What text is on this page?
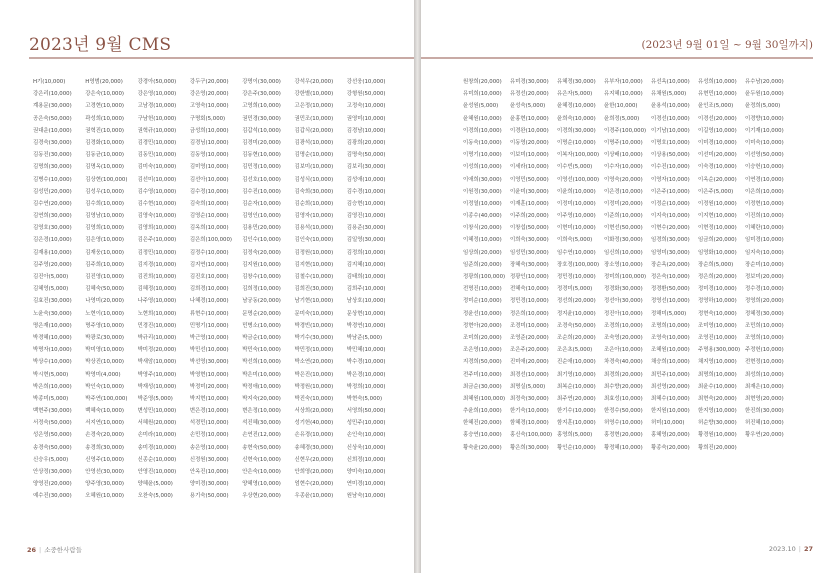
2023년 9월 CMS
H기(10,000)	H영범(20,000)	강경아(50,000)	강두구(20,000)	강명이(30,000)	강석우(20,000)	강선웅(10,000)
강은리(10,000)	강은숙(10,000)	강은영(10,000)	강은영(20,000)	강은주(30,000)	강한별(10,000)	강형원(50,000)
계용문(30,000)	고경현(10,000)	고남경(10,000)	고영숙(10,000)	고영희(10,000)	고은정(10,000)	고정숙(10,000)
공은숙(50,000)	곽성희(10,000)	구남헌(10,000)	구명회(5,000)	권민경(30,000)	권민조(10,000)	권영미(10,000)
권대운(10,000)	권혁진(10,000)	권혁규(10,000)	금성희(10,000)	김갑석(10,000)	김갑식(20,000)	김경남(10,000)
김경숙(30,000)	김경화(10,000)	김경민(10,000)	김경님(10,000)	김경미(20,000)	김광석(10,000)	김광희(20,000)
김동진(30,000)	김동균(10,000)	김동민(10,000)	김동영(10,000)	김동현(10,000)	김명순(10,000)	김명숙(50,000)
김명희(30,000)	김명옥(10,000)	김미숙(10,000)	김미영(10,000)	김민정(10,000)	김보미(10,000)	김보리(30,000)
김병수(10,000)	김상현(100,000)	김선미(10,000)	김선아(10,000)	김선호(10,000)	김성식(10,000)	김성애(10,000)
김성민(20,000)	김성우(10,000)	김수영(10,000)	김수정(10,000)	김수진(10,000)	김숙희(30,000)	김수경(10,000)
김수연(20,000)	김수희(10,000)	김수현(10,000)	김숙희(10,000)	김순자(10,000)	김순희(10,000)	김승현(10,000)
김연희(30,000)	김영남(10,000)	김영숙(10,000)	김영순(10,000)	김영인(10,000)	김영자(10,000)	김영진(10,000)
김영호(30,000)	김영희(10,000)	김영희(10,000)	김옥희(10,000)	김용민(20,000)	김용석(10,000)	김용준(30,000)
김은경(10,000)	김은영(10,000)	김은주(10,000)	김은희(100,000)	김인수(10,000)	김인숙(10,000)	김일영(30,000)
김재용(10,000)	김재웅(10,000)	김정민(10,000)	김정수(10,000)	김정숙(20,000)	김정원(10,000)	김정희(10,000)
김주영(20,000)	김주희(10,000)	김지경(10,000)	김지연(10,000)	김지원(10,000)	김지현(10,000)	김지혜(10,000)
김진아(5,000)	김진영(10,000)	김진희(10,000)	김진호(10,000)	김창수(10,000)	김철수(10,000)	김태희(10,000)
김혜영(5,000)	김혜숙(50,000)	김혜정(10,000)	김희경(10,000)	김희정(10,000)	김희진(30,000)	김희주(10,000)
김효진(30,000)	나영미(20,000)	나주영(10,000)	나혜경(10,000)	남궁동(20,000)	남기현(10,000)	남상호(10,000)
노윤숙(30,000)	노현이(10,000)	노현희(10,000)	류현수(10,000)	문명순(20,000)	문미숙(10,000)	문상현(10,000)
명은재(10,000)	명주영(10,000)	민경진(10,000)	민명기(10,000)	민병소(10,000)	박경빈(10,000)	박경연(10,000)
박경혜(10,000)	박광로(30,000)	박규리(10,000)	박근영(10,000)	박금순(10,000)	박기수(30,000)	박남준(5,000)
박명자(10,000)	박미영(10,000)	박미정(20,000)	박민선(10,000)	박민숙(10,000)	박민정(10,000)	박민혜(10,000)
박상수(10,000)	박상진(10,000)	박새암(10,000)	박선영(30,000)	박선희(10,000)	박소연(20,000)	박수경(10,000)
박시현(5,000)	박영미(4,000)	박영주(10,000)	박영현(10,000)	박은미(10,000)	박은진(10,000)	박은경(10,000)
박은희(10,000)	박인숙(10,000)	박재성(10,000)	박정미(20,000)	박정애(10,000)	박정원(10,000)	박정희(10,000)
박종미(5,000)	박주연(100,000)	박준영(5,000)	박지현(10,000)	박지숙(20,000)	박진숙(10,000)	박현숙(5,000)
백현주(30,000)	백혜숙(10,000)	변성민(10,000)	변은경(10,000)	변은정(10,000)	서상희(20,000)	서영희(50,000)
서정숙(50,000)	서지연(10,000)	서혜원(20,000)	석경민(10,000)	석진혜(30,000)	성기헌(40,000)	성민주(10,000)
성은영(50,000)	손경숙(20,000)	손미라(10,000)	손민정(10,000)	손연진(12,000)	손유경(10,000)	손인숙(10,000)
송경숙(50,000)	송경희(30,000)	송미경(10,000)	송은영(10,000)	송현숙(50,000)	송혜경(30,000)	신상욱(10,000)
신승우(5,000)	신영주(10,000)	신종순(10,000)	신정원(30,000)	신현숙(10,000)	신현우(20,000)	신희정(10,000)
안상정(30,000)	안영선(30,000)	안영진(10,000)	안옥진(10,000)	안은숙(10,000)	안희영(20,000)	양미숙(10,000)
양영진(20,000)	양주영(30,000)	양혜윤(5,000)	양미경(30,000)	양혜영(10,000)	엄현수(20,000)	연미경(10,000)
예수진(30,000)	오혜원(10,000)	오찬숙(5,000)	용기숙(50,000)	우상현(20,000)	우종윤(10,000)	원남숙(10,000)
26 | 소중한사람들
(2023년 9월 01일 ~ 9월 30일까지)
원창희(20,000)	유미경(30,000)	유혜정(30,000)	유부자(10,000)	유선옥(10,000)	유성희(10,000)	유수남(20,000)
유미희(10,000)	유정선(20,000)	유은자(5,000)	유지혜(10,000)	유채원(5,000)	유현민(10,000)	윤두원(10,000)
윤성원(5,000)	윤성숙(5,000)	윤혜정(10,000)	윤한(10,000)	윤용석(10,000)	윤인조(5,000)	윤정희(5,000)
윤혜원(10,000)	윤홍현(10,000)	윤희숙(10,000)	윤희정(5,000)	이경선(10,000)	이경선(20,000)	이경향(10,000)
이경희(10,000)	이경완(10,000)	이경희(30,000)	이경주(100,000) 이기남(10,000)	이길영(10,000)	이기재(10,000)
이동숙(10,000)	이동영(20,000)	이명순(10,000)	이명주(10,000)	이명호(10,000)	이미경(10,000)	이미숙(10,000)
이명기(10,000)	이보미(10,000)	이복자(100,000) 이상배(10,000)	이상용(50,000)	이선미(20,000)	이선영(50,000)
이성희(10,000)	이세라(10,000)	이수빈(5,000)	이수자(10,000)	이수진(10,000)	이숙경(10,000)	이승헌(10,000)
이애희(30,000)	이영민(50,000)	이영선(100,000) 이영숙(20,000)	이영자(10,000)	이옥순(20,000)	이연경(10,000)
이원정(30,000)	이윤미(30,000)	이윤희(10,000)	이은경(10,000)	이은주(10,000)	이은주(5,000)	이은희(10,000)
이정열(10,000)	이재훈(10,000)	이정미(10,000)	이정미(20,000)	이정순(10,000)	이정원(10,000)	이정현(10,000)
이종수(40,000)	이주희(20,000)	이주영(10,000)	이준희(10,000)	이지숙(10,000)	이지현(10,000)	이진희(10,000)
이창식(20,000)	이창섭(50,000)	이현미(10,000)	이현선(50,000)	이현수(20,000)	이현정(10,000)	이혜란(10,000)
이혜정(10,000)	이희숙(30,000)	이희숙(5,000)	이화정(30,000)	임경희(30,000)	임금희(20,000)	임미경(10,000)
임상희(20,000)	임성민(30,000)	임수연(10,000)	임신희(10,000)	임영미(30,000)	임영화(10,000)	임지숙(10,000)
임준희(20,000)	장혜숙(30,000)	장호정(100,000) 장소영(10,000)	장순옥(20,000)	장순희(5,000)	장순미(10,000)
정광희(100,000) 정광인(10,000)	정민정(10,000)	정미희(100,000) 정은숙(10,000)	정은희(20,000)	정보미(20,000)
전명진(10,000)	전혜숙(10,000)	정경미(5,000)	정경화(30,000)	정경환(50,000)	정미경(10,000)	정수경(10,000)
정미순(10,000)	정민경(10,000)	정선희(20,000)	정선아(30,000)	정영선(10,000)	정영하(10,000)	정영희(20,000)
정윤선(10,000)	정은희(10,000)	정지윤(10,000)	정진아(10,000)	정해미(5,000)	정현숙(10,000)	정혜정(30,000)
정현아(20,000)	조경미(10,000)	조경숙(50,000)	조경희(10,000)	조명희(10,000)	조미영(10,000)	조민희(10,000)
조미희(20,000)	조영준(20,000)	조순희(20,000)	조숙영(20,000)	조영숙(10,000)	조영진(10,000)	조영희(10,000)
조은영(10,000)	조은주(20,000)	조은초(5,000)	조은아(10,000)	조혜원(10,000)	주명용(300,000) 주정헌(10,000)
지경희(50,000)	진미애(20,000)	진순애(10,000)	차경숙(40,000)	채승희(10,000)	채지영(10,000)	전현정(10,000)
전주미(10,000)	최경선(10,000)	최기영(10,000)	최경희(20,000)	최민주(10,000)	최명희(10,000)	최성희(10,000)
최금순(30,000)	최명실(5,000)	최복순(10,000)	최수향(20,000)	최선영(20,000)	최윤수(10,000)	최재은(10,000)
최혜원(100,000) 최정숙(30,000)	최주연(20,000)	최효성(10,000)	최혜수(10,000)	최현숙(20,000)	최현영(20,000)
추윤희(10,000)	한기숙(10,000)	한기수(10,000)	한정수(50,000)	한지원(10,000)	한지영(10,000)	한진희(30,000)
한혜진(20,000)	함혜경(10,000)	함지훈(10,000)	허영수(10,000)	허미(10,000)	허순향(30,000)	허진혜(10,000)
홍승연(10,000)	홍신숙(100,000) 홍영희(5,000)	홍정현(20,000)	홍혜영(20,000)	황경원(10,000)	황우연(20,000)
황숙윤(20,000)	황은희(30,000)	황인순(10,000)	황정혜(10,000)	황종숙(20,000)	황희진(20,000)
2023.10 | 27
